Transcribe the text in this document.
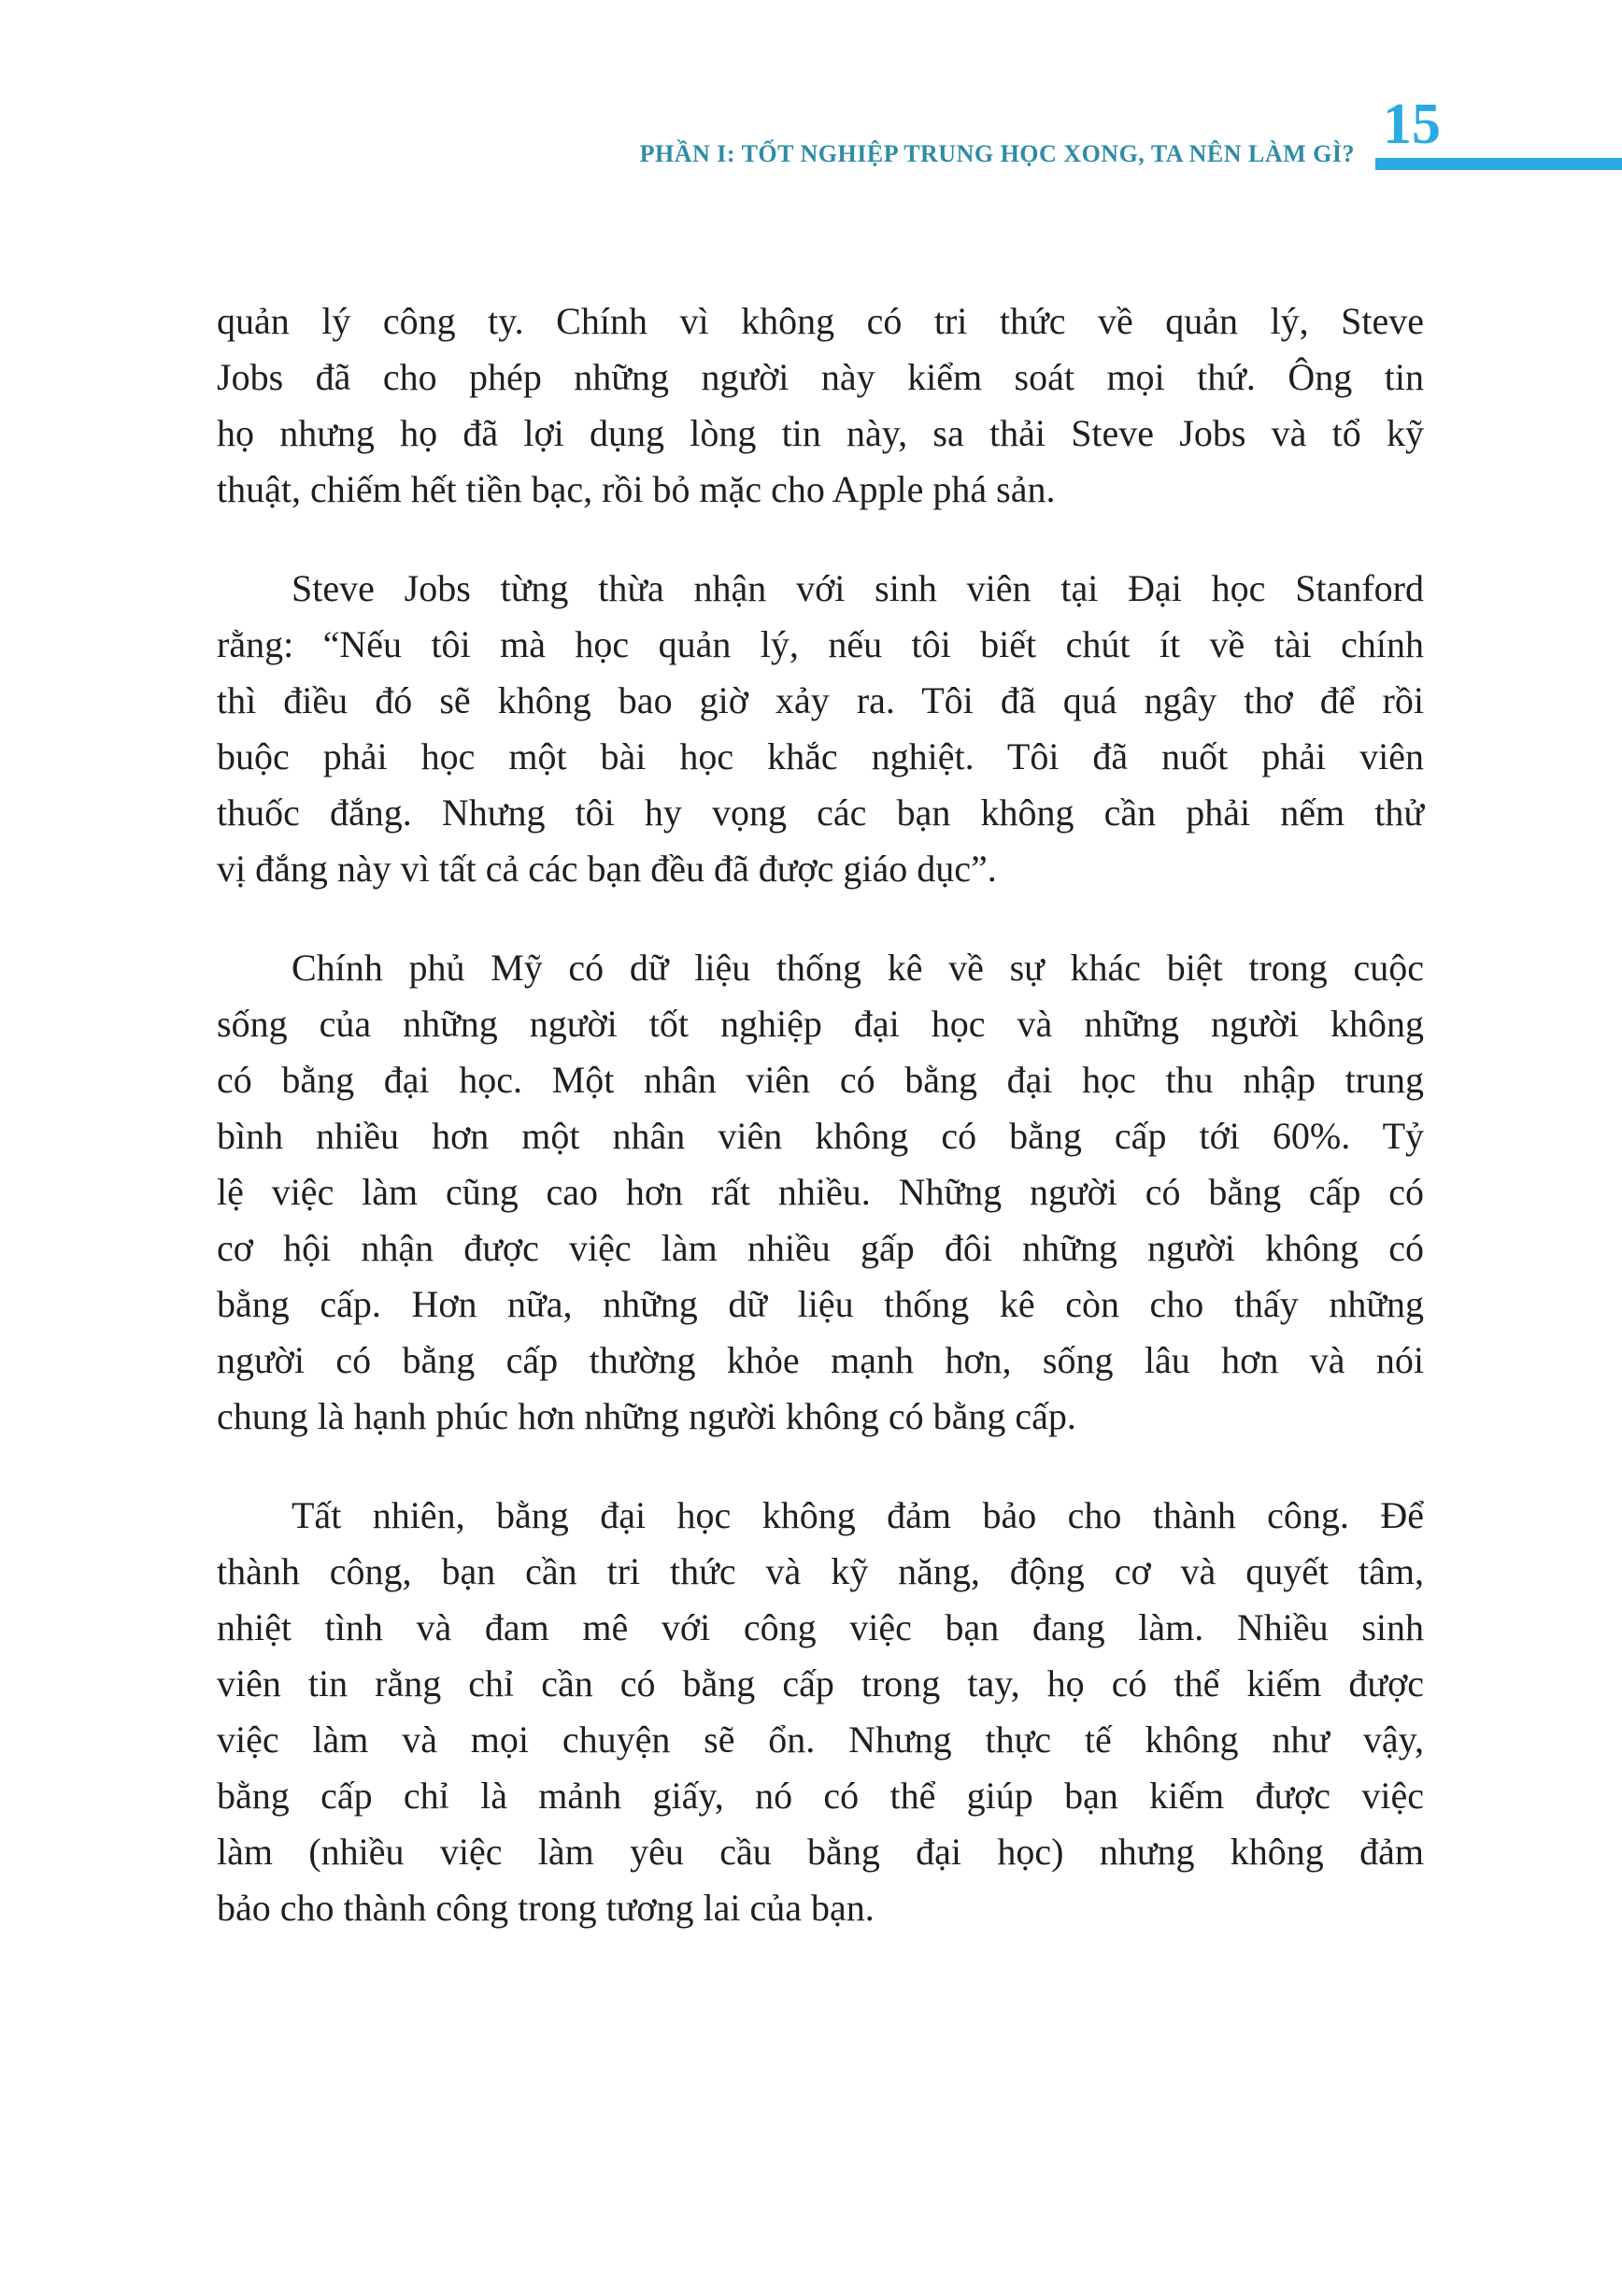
PHẦN I: TỐT NGHIỆP TRUNG HỌC XONG, TA NÊN LÀM GÌ? 15

quản lý công ty. Chính vì không có tri thức về quản lý, Steve
Jobs đã cho phép những người này kiểm soát mọi thứ. Ông tin
họ nhưng họ đã lợi dụng lòng tin này, sa thải Steve Jobs và tổ kỹ
thuật, chiếm hết tiền bạc, rồi bỏ mặc cho Apple phá sản.

Steve Jobs từng thừa nhận với sinh viên tại Đại học Stanford
rằng: “Nếu tôi mà học quản lý, nếu tôi biết chút ít về tài chính
thì điều đó sẽ không bao giờ xảy ra. Tôi đã quá ngây thơ để rồi
buộc phải học một bài học khắc nghiệt. Tôi đã nuốt phải viên
thuốc đắng. Nhưng tôi hy vọng các bạn không cần phải nếm thử
vị đắng này vì tất cả các bạn đều đã được giáo dục”.

Chính phủ Mỹ có dữ liệu thống kê về sự khác biệt trong cuộc
sống của những người tốt nghiệp đại học và những người không
có bằng đại học. Một nhân viên có bằng đại học thu nhập trung
bình nhiều hơn một nhân viên không có bằng cấp tới 60%. Tỷ
lệ việc làm cũng cao hơn rất nhiều. Những người có bằng cấp có
cơ hội nhận được việc làm nhiều gấp đôi những người không có
bằng cấp. Hơn nữa, những dữ liệu thống kê còn cho thấy những
người có bằng cấp thường khỏe mạnh hơn, sống lâu hơn và nói
chung là hạnh phúc hơn những người không có bằng cấp.

Tất nhiên, bằng đại học không đảm bảo cho thành công. Để
thành công, bạn cần tri thức và kỹ năng, động cơ và quyết tâm,
nhiệt tình và đam mê với công việc bạn đang làm. Nhiều sinh
viên tin rằng chỉ cần có bằng cấp trong tay, họ có thể kiếm được
việc làm và mọi chuyện sẽ ổn. Nhưng thực tế không như vậy,
bằng cấp chỉ là mảnh giấy, nó có thể giúp bạn kiếm được việc
làm (nhiều việc làm yêu cầu bằng đại học) nhưng không đảm
bảo cho thành công trong tương lai của bạn.
